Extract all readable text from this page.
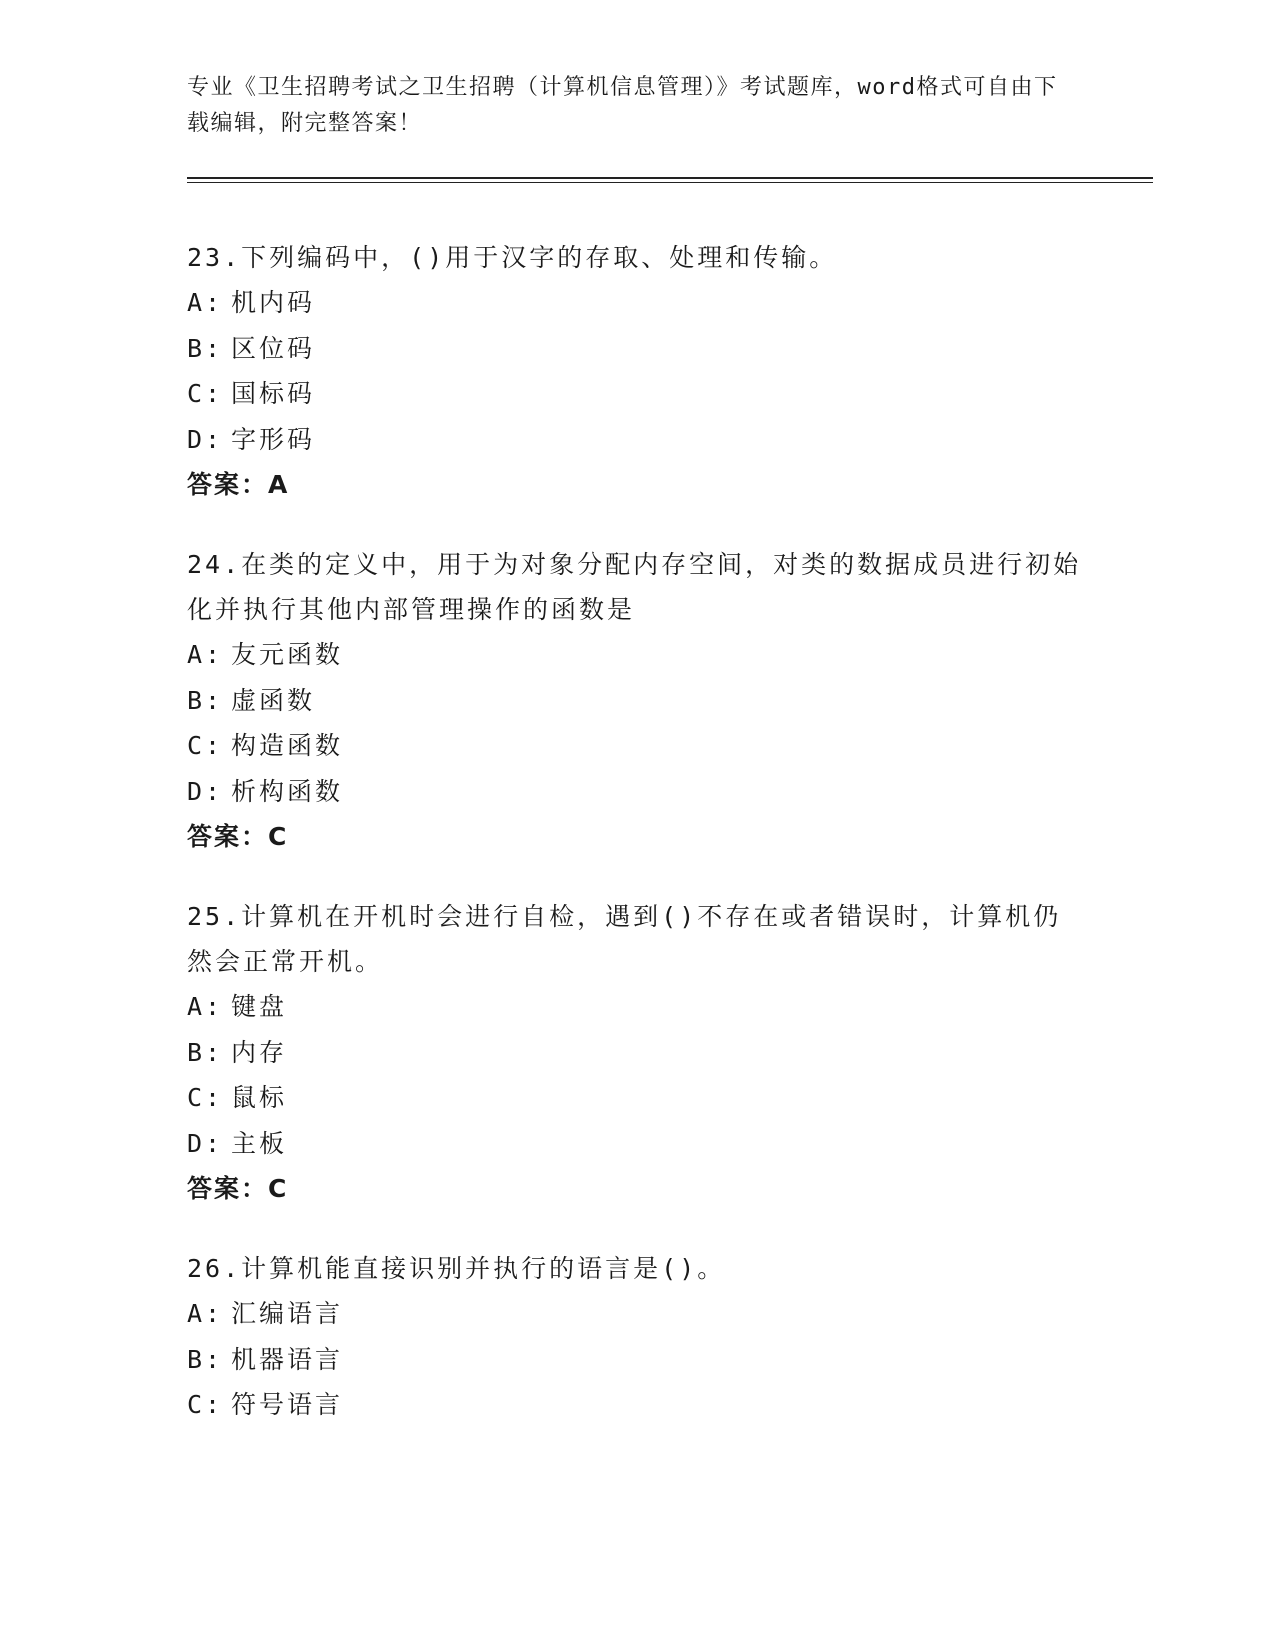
专业《卫生招聘考试之卫生招聘（计算机信息管理）》考试题库，word格式可自由下载编辑，附完整答案！
23.下列编码中，()用于汉字的存取、处理和传输。
A: 机内码
B: 区位码
C: 国标码
D: 字形码
答案：A
24.在类的定义中，用于为对象分配内存空间，对类的数据成员进行初始化并执行其他内部管理操作的函数是
A: 友元函数
B: 虚函数
C: 构造函数
D: 析构函数
答案：C
25.计算机在开机时会进行自检，遇到()不存在或者错误时，计算机仍然会正常开机。
A: 键盘
B: 内存
C: 鼠标
D: 主板
答案：C
26.计算机能直接识别并执行的语言是()。
A: 汇编语言
B: 机器语言
C: 符号语言
